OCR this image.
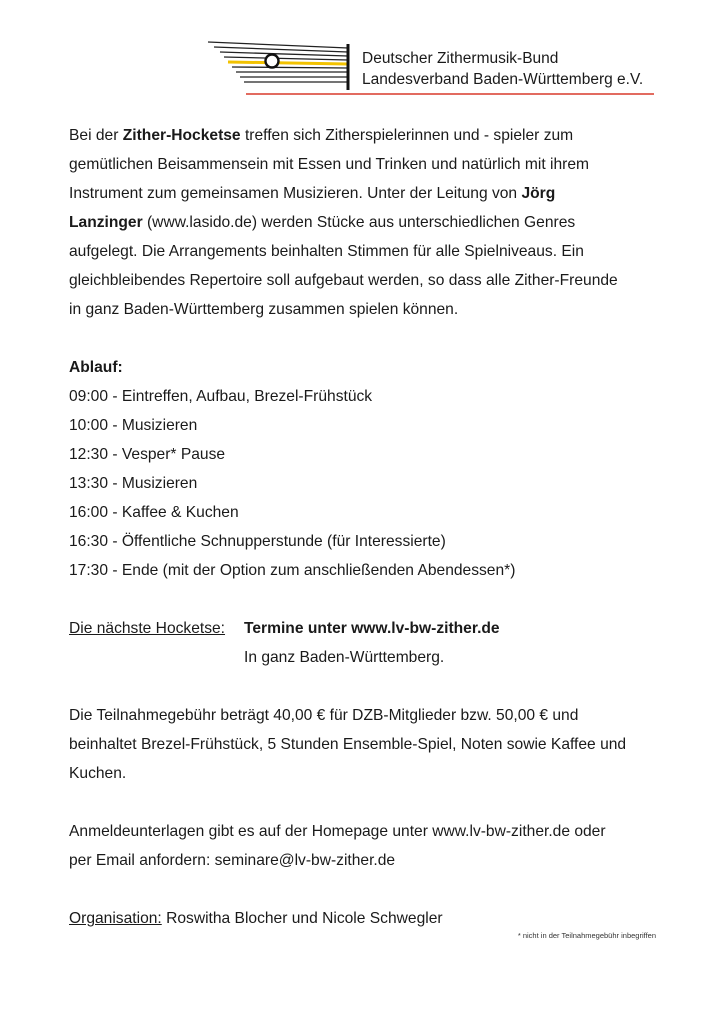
Deutscher Zithermusik-Bund
Landesverband Baden-Württemberg e.V.
Bei der Zither-Hocketse treffen sich Zitherspielerinnen und - spieler zum
gemütlichen Beisammensein mit Essen und Trinken und natürlich mit ihrem
Instrument zum gemeinsamen Musizieren. Unter der Leitung von Jörg
Lanzinger (www.lasido.de) werden Stücke aus unterschiedlichen Genres
aufgelegt. Die Arrangements beinhalten Stimmen für alle Spielniveaus. Ein
gleichbleibendes Repertoire soll aufgebaut werden, so dass alle Zither-Freunde
in ganz Baden-Württemberg zusammen spielen können.
Ablauf:
09:00 - Eintreffen, Aufbau, Brezel-Frühstück
10:00 - Musizieren
12:30 - Vesper* Pause
13:30 - Musizieren
16:00 - Kaffee & Kuchen
16:30 - Öffentliche Schnupperstunde (für Interessierte)
17:30 - Ende (mit der Option zum anschließenden Abendessen*)
Die nächste Hocketse: Termine unter www.lv-bw-zither.de
In ganz Baden-Württemberg.
Die Teilnahmegebühr beträgt 40,00 € für DZB-Mitglieder bzw. 50,00 € und
beinhaltet Brezel-Frühstück, 5 Stunden Ensemble-Spiel, Noten sowie Kaffee und
Kuchen.
Anmeldeunterlagen gibt es auf der Homepage unter www.lv-bw-zither.de oder
per Email anfordern: seminare@lv-bw-zither.de
Organisation: Roswitha Blocher und Nicole Schwegler
* nicht in der Teilnahmegebühr inbegriffen
